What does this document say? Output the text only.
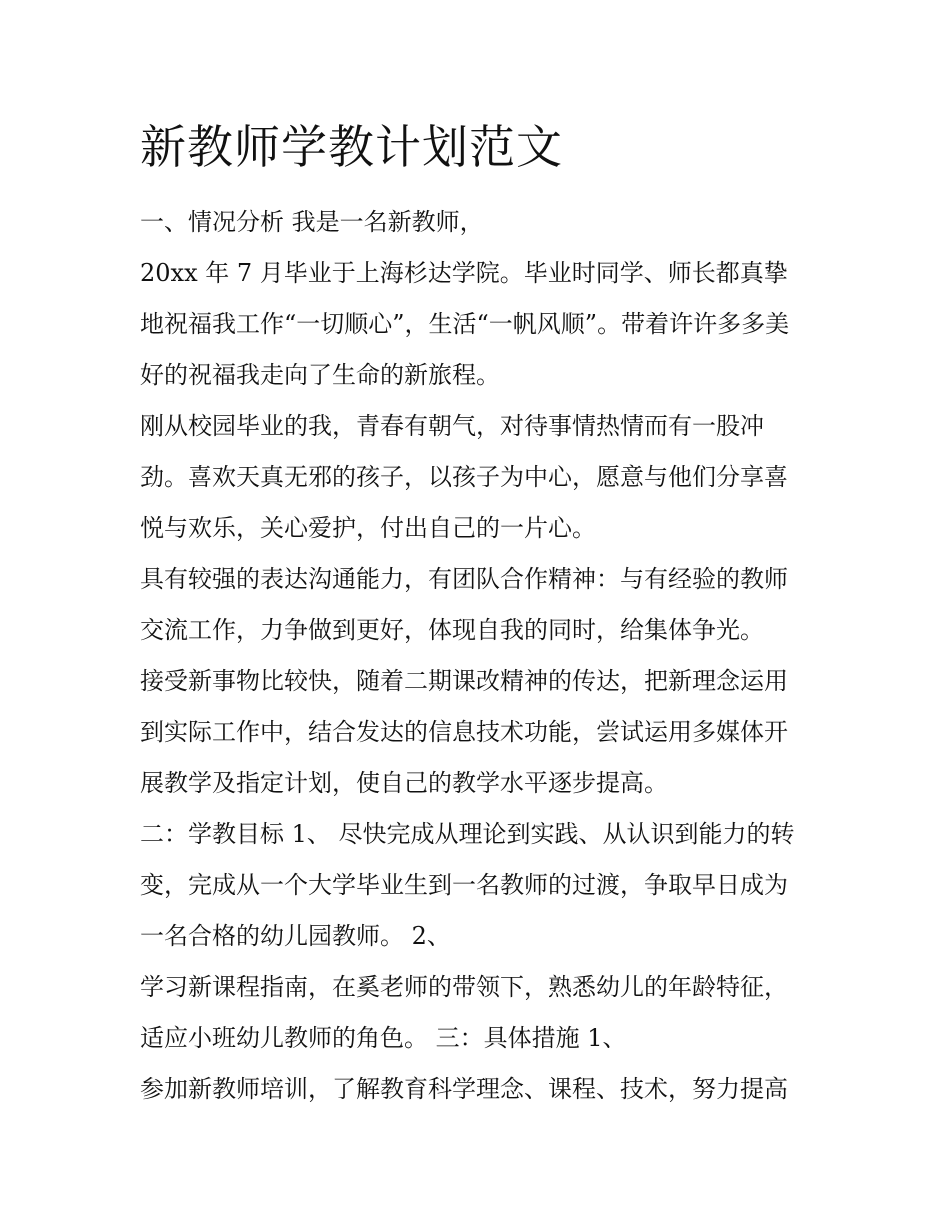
新教师学教计划范文
一、情况分析 我是一名新教师，
20xx 年 7 月毕业于上海杉达学院。毕业时同学、师长都真挚
地祝福我工作“一切顺心”，生活“一帆风顺”。带着许许多多美
好的祝福我走向了生命的新旅程。
刚从校园毕业的我，青春有朝气，对待事情热情而有一股冲
劲。喜欢天真无邪的孩子，以孩子为中心，愿意与他们分享喜
悦与欢乐，关心爱护，付出自己的一片心。
具有较强的表达沟通能力，有团队合作精神：与有经验的教师
交流工作，力争做到更好，体现自我的同时，给集体争光。
接受新事物比较快，随着二期课改精神的传达，把新理念运用
到实际工作中，结合发达的信息技术功能，尝试运用多媒体开
展教学及指定计划，使自己的教学水平逐步提高。
二：学教目标 1、 尽快完成从理论到实践、从认识到能力的转
变，完成从一个大学毕业生到一名教师的过渡，争取早日成为
一名合格的幼儿园教师。 2、
学习新课程指南，在奚老师的带领下，熟悉幼儿的年龄特征，
适应小班幼儿教师的角色。 三：具体措施 1、
参加新教师培训，了解教育科学理念、课程、技术，努力提高
